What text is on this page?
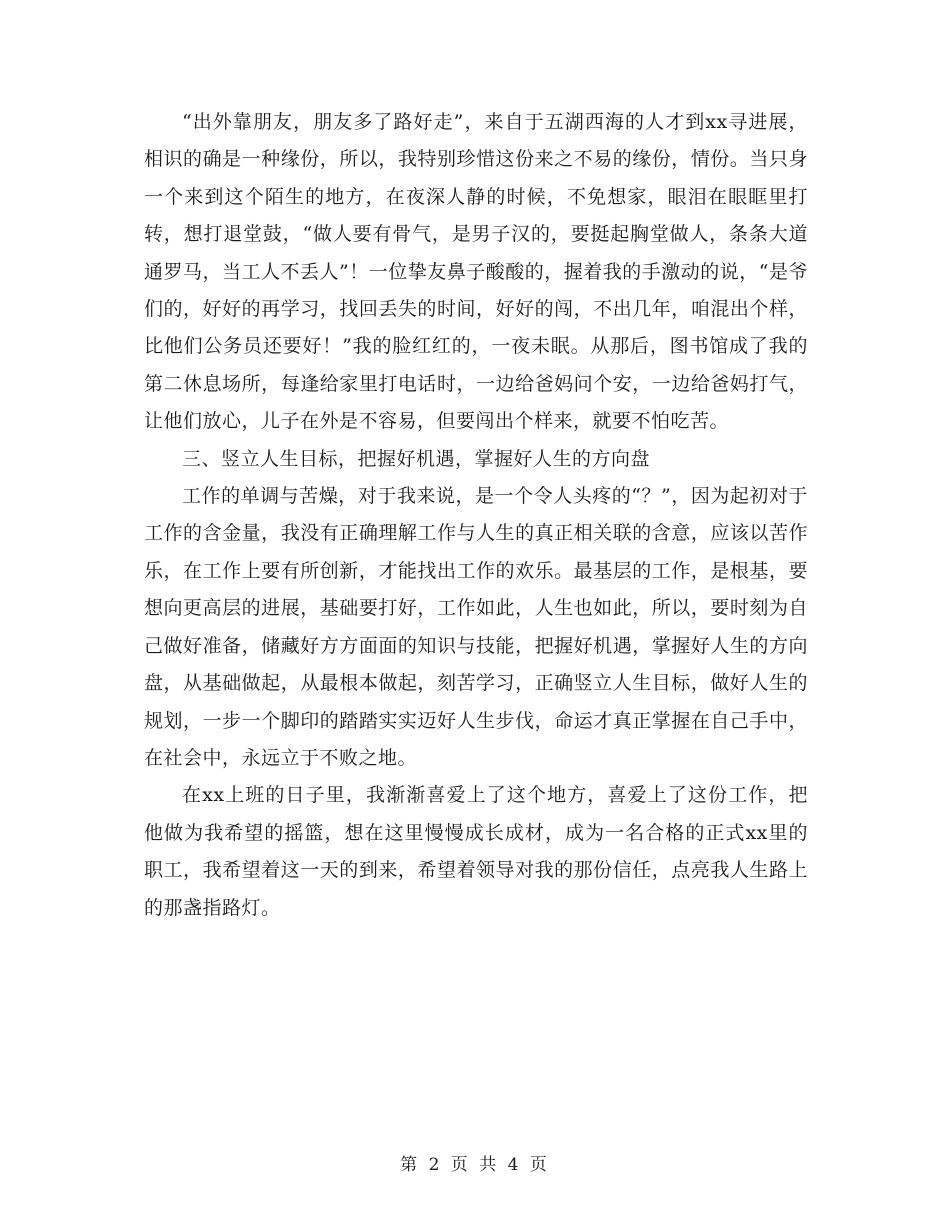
“出外靠朋友，朋友多了路好走”，来自于五湖西海的人才到xx寻进展，相识的确是一种缘份，所以，我特别珍惜这份来之不易的缘份，情份。当只身一个来到这个陌生的地方，在夜深人静的时候，不免想家，眼泪在眼眶里打转，想打退堂鼓，“做人要有骨气，是男子汉的，要挺起胸堂做人，条条大道通罗马，当工人不丢人”！一位挚友鼻子酸酸的，握着我的手激动的说，“是爷们的，好好的再学习，找回丢失的时间，好好的闯，不出几年，咱混出个样，比他们公务员还要好！”我的脸红红的，一夜未眠。从那后，图书馆成了我的第二休息场所，每逢给家里打电话时，一边给爸妈问个安，一边给爸妈打气，让他们放心，儿子在外是不容易，但要闯出个样来，就要不怕吃苦。

三、竖立人生目标，把握好机遇，掌握好人生的方向盘

工作的单调与苦燥，对于我来说，是一个令人头疼的“？”，因为起初对于工作的含金量，我没有正确理解工作与人生的真正相关联的含意，应该以苦作乐，在工作上要有所创新，才能找出工作的欢乐。最基层的工作，是根基，要想向更高层的进展，基础要打好，工作如此，人生也如此，所以，要时刻为自己做好准备，储藏好方方面面的知识与技能，把握好机遇，掌握好人生的方向盘，从基础做起，从最根本做起，刻苦学习，正确竖立人生目标，做好人生的规划，一步一个脚印的踏踏实实迈好人生步伐，命运才真正掌握在自己手中，在社会中，永远立于不败之地。

在xx上班的日子里，我渐渐喜爱上了这个地方，喜爱上了这份工作，把他做为我希望的摇篮，想在这里慢慢成长成材，成为一名合格的正式xx里的职工，我希望着这一天的到来，希望着领导对我的那份信任，点亮我人生路上的那盏指路灯。

第 2 页 共 4 页
